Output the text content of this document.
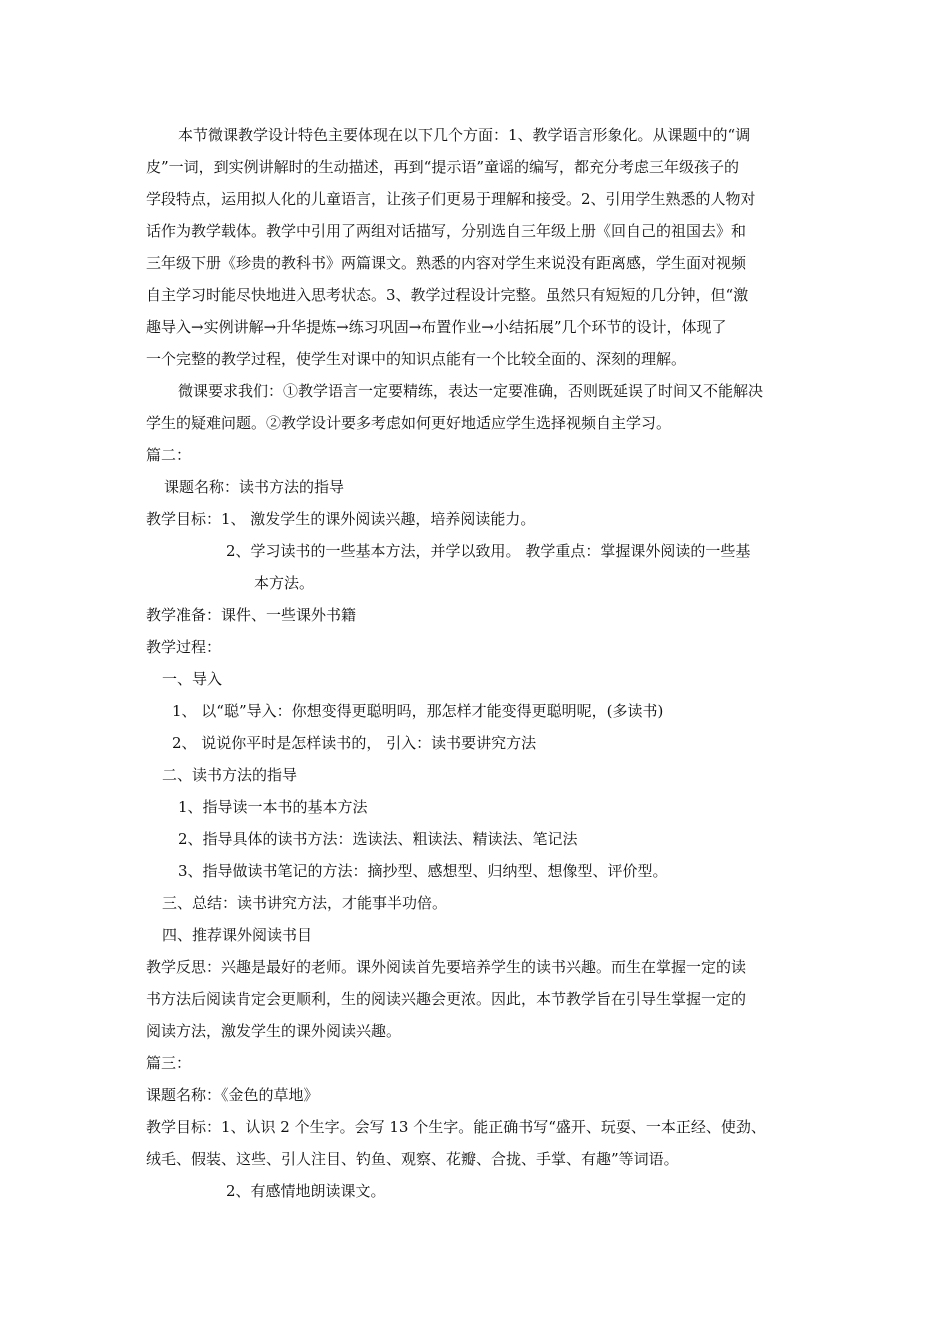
本节微课教学设计特色主要体现在以下几个方面：1、教学语言形象化。从课题中的“调
皮”一词，到实例讲解时的生动描述，再到“提示语”童谣的编写，都充分考虑三年级孩子的
学段特点，运用拟人化的儿童语言，让孩子们更易于理解和接受。2、引用学生熟悉的人物对
话作为教学载体。教学中引用了两组对话描写，分别选自三年级上册《回自己的祖国去》和
三年级下册《珍贵的教科书》两篇课文。熟悉的内容对学生来说没有距离感，学生面对视频
自主学习时能尽快地进入思考状态。3、教学过程设计完整。虽然只有短短的几分钟，但“激
趣导入→实例讲解→升华提炼→练习巩固→布置作业→小结拓展”几个环节的设计，体现了
一个完整的教学过程，使学生对课中的知识点能有一个比较全面的、深刻的理解。
微课要求我们：①教学语言一定要精练，表达一定要准确，否则既延误了时间又不能解决
学生的疑难问题。②教学设计要多考虑如何更好地适应学生选择视频自主学习。
篇二：
课题名称：读书方法的指导
教学目标：1、 激发学生的课外阅读兴趣，培养阅读能力。
2、学习读书的一些基本方法，并学以致用。 教学重点：掌握课外阅读的一些基
本方法。
教学准备：课件、一些课外书籍
教学过程：
一、导入
1、 以“聪”导入：你想变得更聪明吗，那怎样才能变得更聪明呢，(多读书)
2、 说说你平时是怎样读书的， 引入：读书要讲究方法
二、读书方法的指导
1、指导读一本书的基本方法
2、指导具体的读书方法：选读法、粗读法、精读法、笔记法
3、指导做读书笔记的方法：摘抄型、感想型、归纳型、想像型、评价型。
三、总结：读书讲究方法，才能事半功倍。
四、推荐课外阅读书目
教学反思：兴趣是最好的老师。课外阅读首先要培养学生的读书兴趣。而生在掌握一定的读
书方法后阅读肯定会更顺利，生的阅读兴趣会更浓。因此，本节教学旨在引导生掌握一定的
阅读方法，激发学生的课外阅读兴趣。
篇三：
课题名称：《金色的草地》
教学目标：1、认识 2 个生字。会写 13 个生字。能正确书写“盛开、玩耍、一本正经、使劲、
绒毛、假装、这些、引人注目、钓鱼、观察、花瓣、合拢、手掌、有趣”等词语。
2、有感情地朗读课文。
